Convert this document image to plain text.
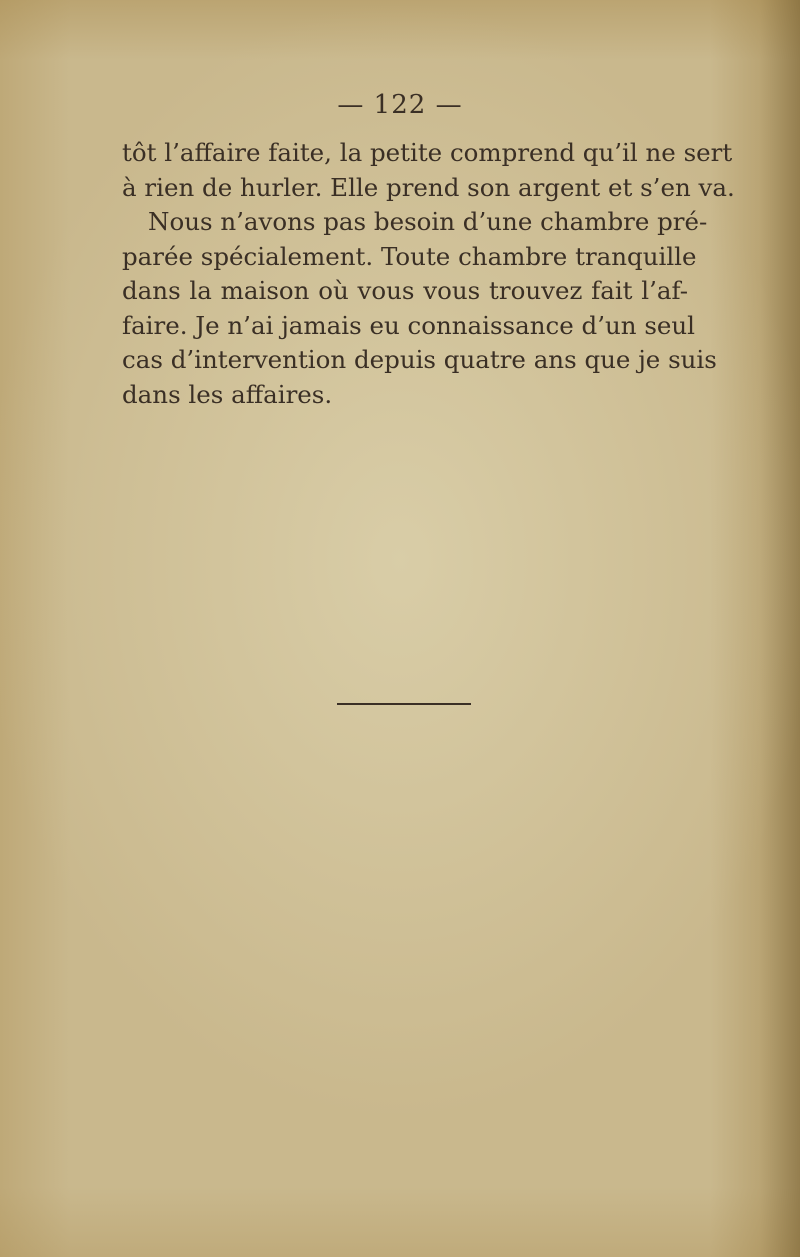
— 122 —
tôt l’affaire faite, la petite comprend qu’il ne sert
à rien de hurler. Elle prend son argent et s’en va.
Nous n’avons pas besoin d’une chambre pré-
parée spécialement. Toute chambre tranquille
dans la maison où vous vous trouvez fait l’af-
faire. Je n’ai jamais eu connaissance d’un seul
cas d’intervention depuis quatre ans que je suis
dans les affaires.
